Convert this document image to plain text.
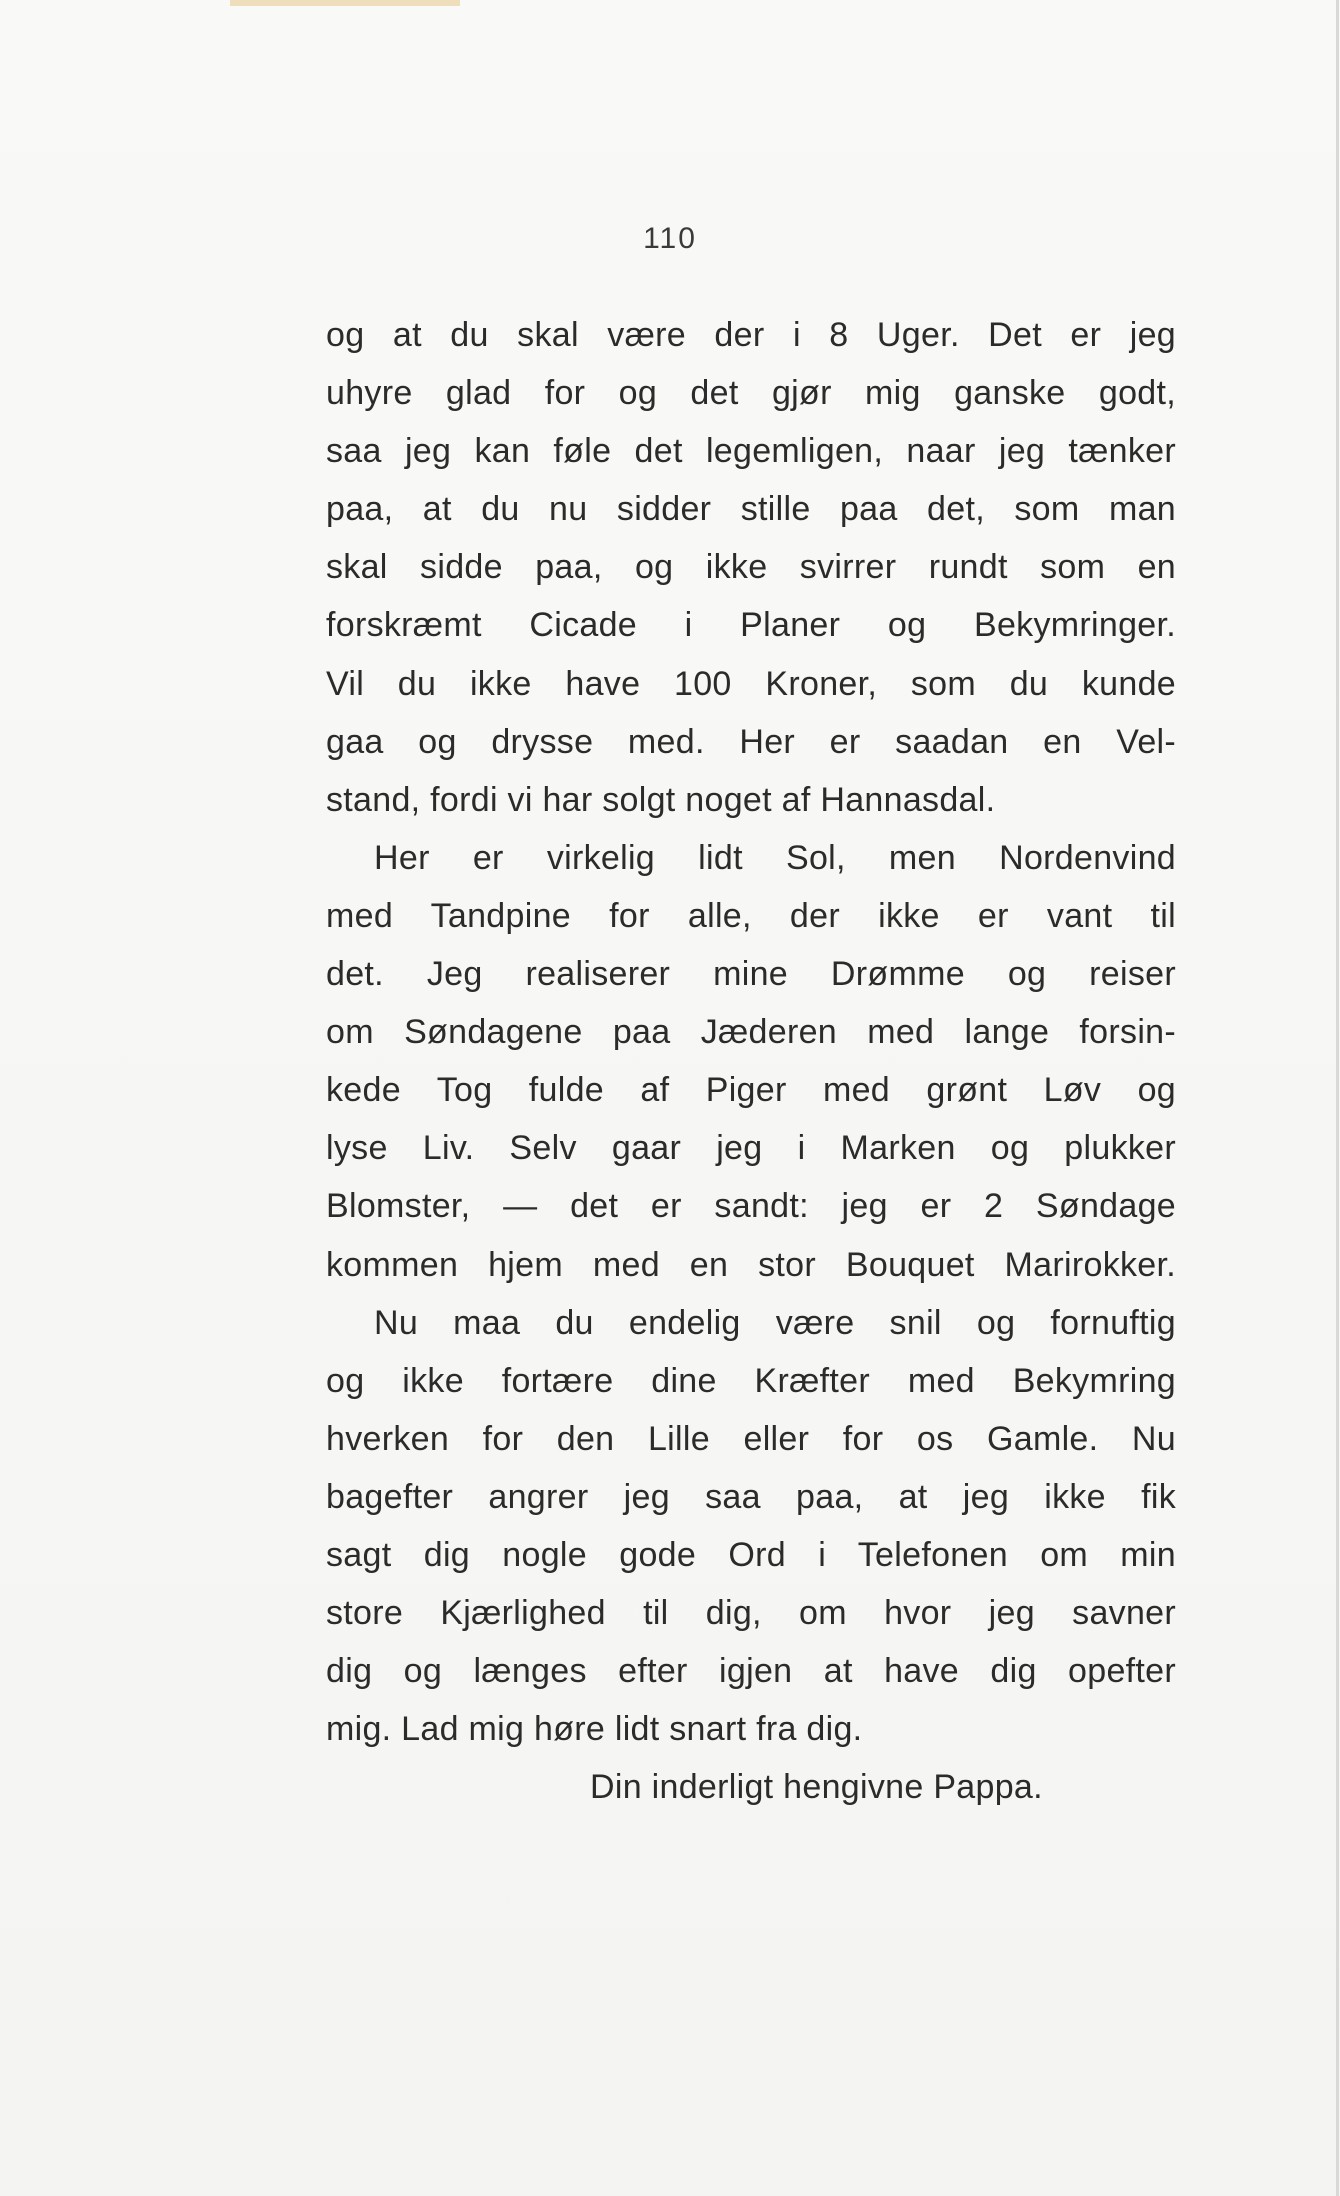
110
og at du skal være der i 8 Uger. Det er jeg
uhyre glad for og det gjør mig ganske godt,
saa jeg kan føle det legemligen, naar jeg tænker
paa, at du nu sidder stille paa det, som man
skal sidde paa, og ikke svirrer rundt som en
forskræmt Cicade i Planer og Bekymringer.
Vil du ikke have 100 Kroner, som du kunde
gaa og drysse med. Her er saadan en Vel-
stand, fordi vi har solgt noget af Hannasdal.
Her er virkelig lidt Sol, men Nordenvind
med Tandpine for alle, der ikke er vant til
det. Jeg realiserer mine Drømme og reiser
om Søndagene paa Jæderen med lange forsin-
kede Tog fulde af Piger med grønt Løv og
lyse Liv. Selv gaar jeg i Marken og plukker
Blomster, — det er sandt: jeg er 2 Søndage
kommen hjem med en stor Bouquet Marirokker.
Nu maa du endelig være snil og fornuftig
og ikke fortære dine Kræfter med Bekymring
hverken for den Lille eller for os Gamle. Nu
bagefter angrer jeg saa paa, at jeg ikke fik
sagt dig nogle gode Ord i Telefonen om min
store Kjærlighed til dig, om hvor jeg savner
dig og længes efter igjen at have dig opefter
mig. Lad mig høre lidt snart fra dig.
Din inderligt hengivne Pappa.
